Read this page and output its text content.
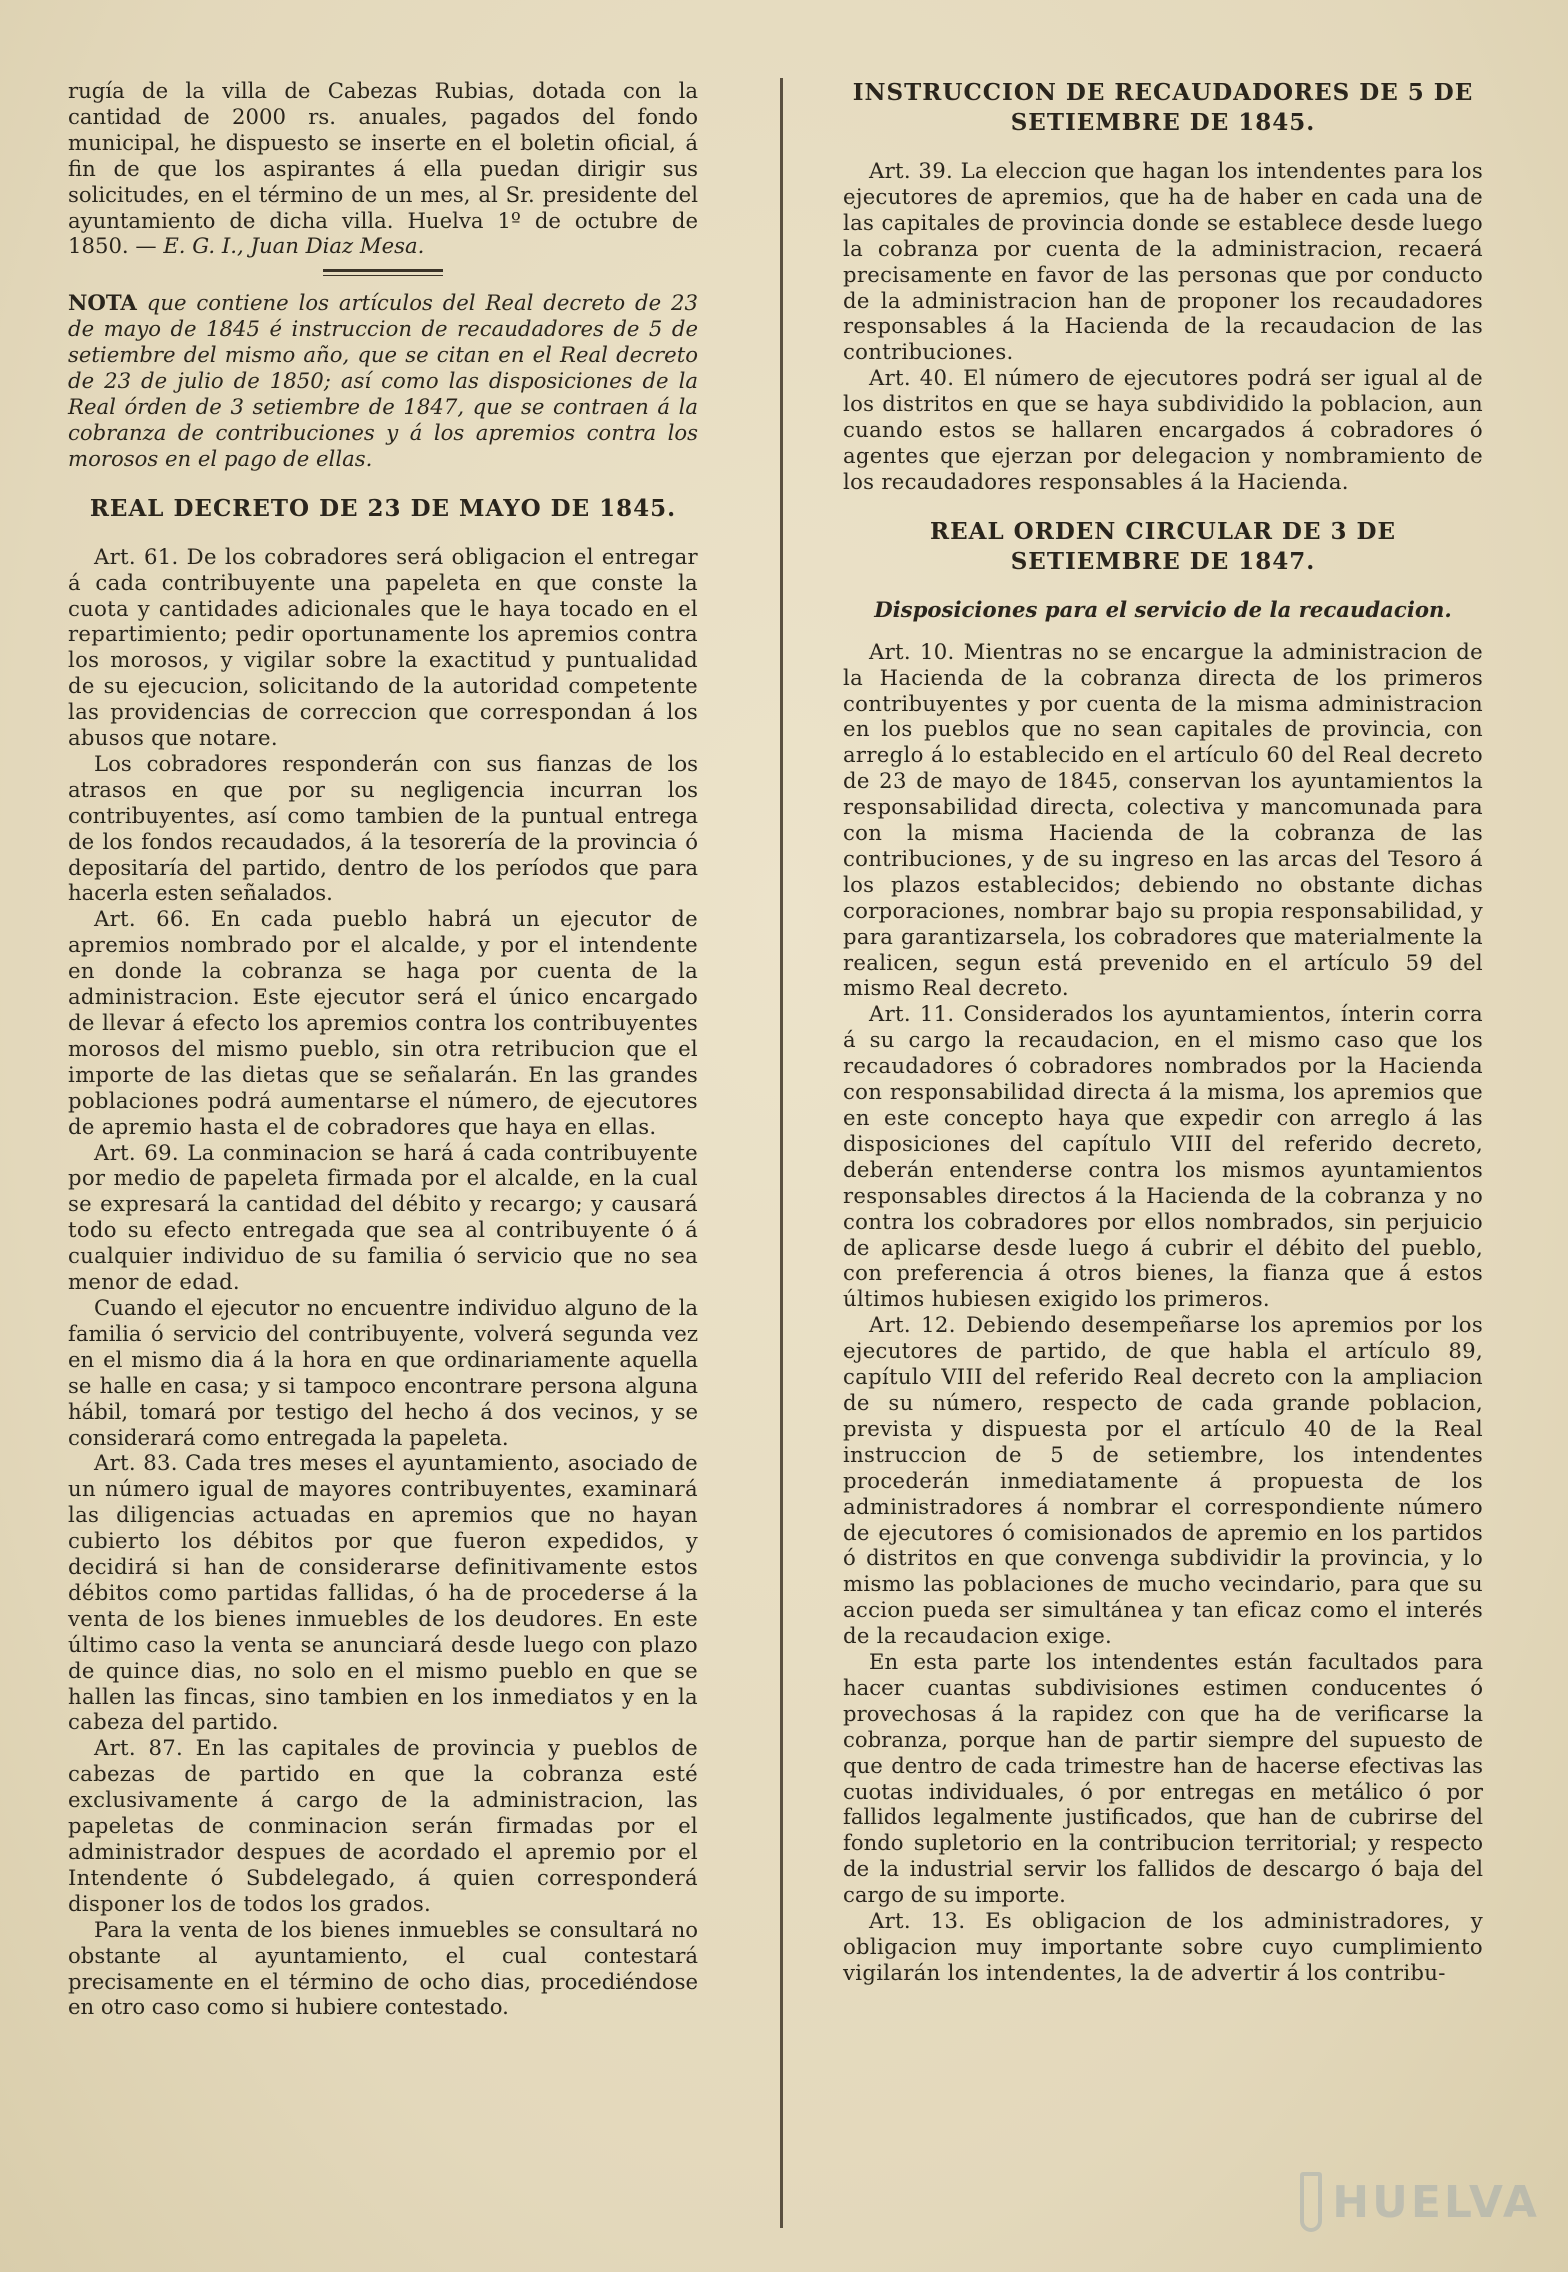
rugía de la villa de Cabezas Rubias, dotada con la cantidad de 2000 rs. anuales, pagados del fondo municipal, he dispuesto se inserte en el boletin oficial, á fin de que los aspirantes á ella puedan dirigir sus solicitudes, en el término de un mes, al Sr. presidente del ayuntamiento de dicha villa. Huelva 1º de octubre de 1850. — E. G. I., Juan Diaz Mesa.

NOTA que contiene los artículos del Real decreto de 23 de mayo de 1845 é instruccion de recaudadores de 5 de setiembre del mismo año, que se citan en el Real decreto de 23 de julio de 1850; así como las disposiciones de la Real órden de 3 setiembre de 1847, que se contraen á la cobranza de contribuciones y á los apremios contra los morosos en el pago de ellas.

REAL DECRETO DE 23 DE MAYO DE 1845.

Art. 61. De los cobradores será obligacion el entregar á cada contribuyente una papeleta en que conste la cuota y cantidades adicionales que le haya tocado en el repartimiento; pedir oportunamente los apremios contra los morosos, y vigilar sobre la exactitud y puntualidad de su ejecucion, solicitando de la autoridad competente las providencias de correccion que correspondan á los abusos que notare.

Los cobradores responderán con sus fianzas de los atrasos en que por su negligencia incurran los contribuyentes, así como tambien de la puntual entrega de los fondos recaudados, á la tesorería de la provincia ó depositaría del partido, dentro de los períodos que para hacerla esten señalados.

Art. 66. En cada pueblo habrá un ejecutor de apremios nombrado por el alcalde, y por el intendente en donde la cobranza se haga por cuenta de la administracion. Este ejecutor será el único encargado de llevar á efecto los apremios contra los contribuyentes morosos del mismo pueblo, sin otra retribucion que el importe de las dietas que se señalarán. En las grandes poblaciones podrá aumentarse el número, de ejecutores de apremio hasta el de cobradores que haya en ellas.

Art. 69. La conminacion se hará á cada contribuyente por medio de papeleta firmada por el alcalde, en la cual se expresará la cantidad del débito y recargo; y causará todo su efecto entregada que sea al contribuyente ó á cualquier individuo de su familia ó servicio que no sea menor de edad.

Cuando el ejecutor no encuentre individuo alguno de la familia ó servicio del contribuyente, volverá segunda vez en el mismo dia á la hora en que ordinariamente aquella se halle en casa; y si tampoco encontrare persona alguna hábil, tomará por testigo del hecho á dos vecinos, y se considerará como entregada la papeleta.

Art. 83. Cada tres meses el ayuntamiento, asociado de un número igual de mayores contribuyentes, examinará las diligencias actuadas en apremios que no hayan cubierto los débitos por que fueron expedidos, y decidirá si han de considerarse definitivamente estos débitos como partidas fallidas, ó ha de procederse á la venta de los bienes inmuebles de los deudores. En este último caso la venta se anunciará desde luego con plazo de quince dias, no solo en el mismo pueblo en que se hallen las fincas, sino tambien en los inmediatos y en la cabeza del partido.

Art. 87. En las capitales de provincia y pueblos de cabezas de partido en que la cobranza esté exclusivamente á cargo de la administracion, las papeletas de conminacion serán firmadas por el administrador despues de acordado el apremio por el Intendente ó Subdelegado, á quien corresponderá disponer los de todos los grados.

Para la venta de los bienes inmuebles se consultará no obstante al ayuntamiento, el cual contestará precisamente en el término de ocho dias, procediéndose en otro caso como si hubiere contestado.

INSTRUCCION DE RECAUDADORES DE 5 DE SETIEMBRE DE 1845.

Art. 39. La eleccion que hagan los intendentes para los ejecutores de apremios, que ha de haber en cada una de las capitales de provincia donde se establece desde luego la cobranza por cuenta de la administracion, recaerá precisamente en favor de las personas que por conducto de la administracion han de proponer los recaudadores responsables á la Hacienda de la recaudacion de las contribuciones.

Art. 40. El número de ejecutores podrá ser igual al de los distritos en que se haya subdividido la poblacion, aun cuando estos se hallaren encargados á cobradores ó agentes que ejerzan por delegacion y nombramiento de los recaudadores responsables á la Hacienda.

REAL ORDEN CIRCULAR DE 3 DE SETIEMBRE DE 1847.
Disposiciones para el servicio de la recaudacion.

Art. 10. Mientras no se encargue la administracion de la Hacienda de la cobranza directa de los primeros contribuyentes y por cuenta de la misma administracion en los pueblos que no sean capitales de provincia, con arreglo á lo establecido en el artículo 60 del Real decreto de 23 de mayo de 1845, conservan los ayuntamientos la responsabilidad directa, colectiva y mancomunada para con la misma Hacienda de la cobranza de las contribuciones, y de su ingreso en las arcas del Tesoro á los plazos establecidos; debiendo no obstante dichas corporaciones, nombrar bajo su propia responsabilidad, y para garantizarsela, los cobradores que materialmente la realicen, segun está prevenido en el artículo 59 del mismo Real decreto.

Art. 11. Considerados los ayuntamientos, ínterin corra á su cargo la recaudacion, en el mismo caso que los recaudadores ó cobradores nombrados por la Hacienda con responsabilidad directa á la misma, los apremios que en este concepto haya que expedir con arreglo á las disposiciones del capítulo VIII del referido decreto, deberán entenderse contra los mismos ayuntamientos responsables directos á la Hacienda de la cobranza y no contra los cobradores por ellos nombrados, sin perjuicio de aplicarse desde luego á cubrir el débito del pueblo, con preferencia á otros bienes, la fianza que á estos últimos hubiesen exigido los primeros.

Art. 12. Debiendo desempeñarse los apremios por los ejecutores de partido, de que habla el artículo 89, capítulo VIII del referido Real decreto con la ampliacion de su número, respecto de cada grande poblacion, prevista y dispuesta por el artículo 40 de la Real instruccion de 5 de setiembre, los intendentes procederán inmediatamente á propuesta de los administradores á nombrar el correspondiente número de ejecutores ó comisionados de apremio en los partidos ó distritos en que convenga subdividir la provincia, y lo mismo las poblaciones de mucho vecindario, para que su accion pueda ser simultánea y tan eficaz como el interés de la recaudacion exige.

En esta parte los intendentes están facultados para hacer cuantas subdivisiones estimen conducentes ó provechosas á la rapidez con que ha de verificarse la cobranza, porque han de partir siempre del supuesto de que dentro de cada trimestre han de hacerse efectivas las cuotas individuales, ó por entregas en metálico ó por fallidos legalmente justificados, que han de cubrirse del fondo supletorio en la contribucion territorial; y respecto de la industrial servir los fallidos de descargo ó baja del cargo de su importe.

Art. 13. Es obligacion de los administradores, y obligacion muy importante sobre cuyo cumplimiento vigilarán los intendentes, la de advertir á los contribu-

HUELVA
